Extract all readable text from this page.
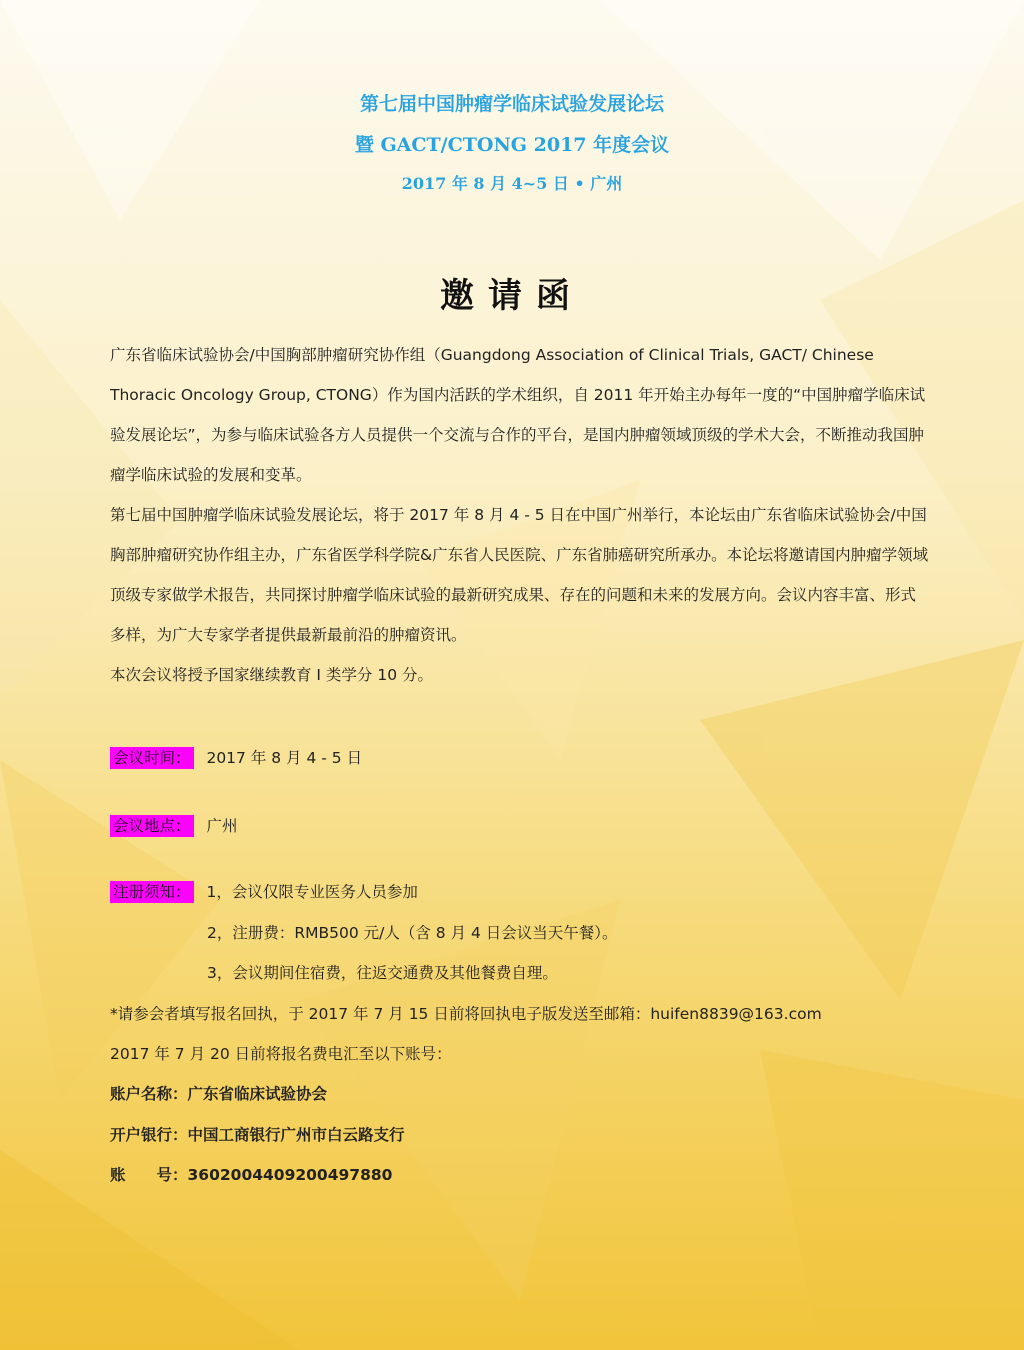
第七届中国肿瘤学临床试验发展论坛
暨 GACT/CTONG 2017 年度会议
2017 年 8 月 4~5 日 • 广州
邀请函
广东省临床试验协会/中国胸部肿瘤研究协作组（Guangdong Association of Clinical Trials, GACT/ Chinese Thoracic Oncology Group, CTONG）作为国内活跃的学术组织，自 2011 年开始主办每年一度的“中国肿瘤学临床试验发展论坛”，为参与临床试验各方人员提供一个交流与合作的平台，是国内肿瘤领域顶级的学术大会，不断推动我国肿瘤学临床试验的发展和变革。
第七届中国肿瘤学临床试验发展论坛，将于 2017 年 8 月 4 - 5 日在中国广州举行，本论坛由广东省临床试验协会/中国胸部肿瘤研究协作组主办，广东省医学科学院&广东省人民医院、广东省肺癌研究所承办。本论坛将邀请国内肿瘤学领域顶级专家做学术报告，共同探讨肿瘤学临床试验的最新研究成果、存在的问题和未来的发展方向。会议内容丰富、形式多样，为广大专家学者提供最新最前沿的肿瘤资讯。
本次会议将授予国家继续教育 I 类学分 10 分。
会议时间： 2017 年 8 月 4 - 5 日
会议地点： 广州
注册须知： 1，会议仅限专业医务人员参加
2，注册费：RMB500 元/人（含 8 月 4 日会议当天午餐）。
3，会议期间住宿费，往返交通费及其他餐费自理。
*请参会者填写报名回执，于 2017 年 7 月 15 日前将回执电子版发送至邮箱：huifen8839@163.com
2017 年 7 月 20 日前将报名费电汇至以下账号：
账户名称：广东省临床试验协会
开户银行：中国工商银行广州市白云路支行
账　　号：3602004409200497880
